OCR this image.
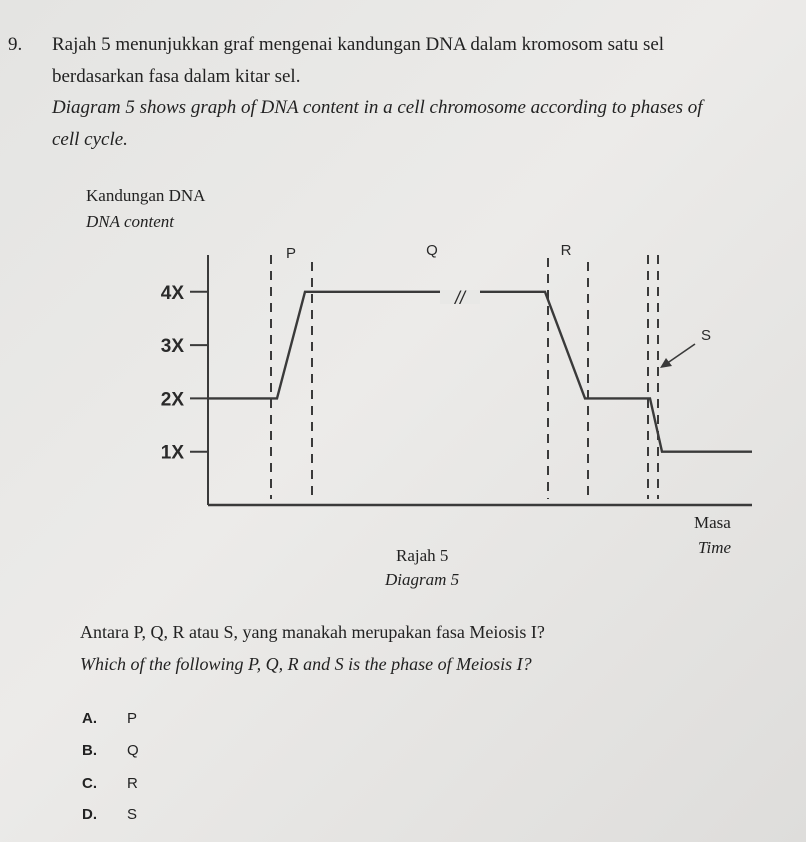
9. Rajah 5 menunjukkan graf mengenai kandungan DNA dalam kromosom satu sel
berdasarkan fasa dalam kitar sel.
Diagram 5 shows graph of DNA content in a cell chromosome according to phases of
cell cycle.
Kandungan DNA
DNA content
4X
3X
2X
1X
P	Q	R
S
//
Masa
Time
Rajah 5
Diagram 5
Antara P, Q, R atau S, yang manakah merupakan fasa Meiosis I?
Which of the following P, Q, R and S is the phase of Meiosis I?
A. P
B. Q
C. R
D. S
